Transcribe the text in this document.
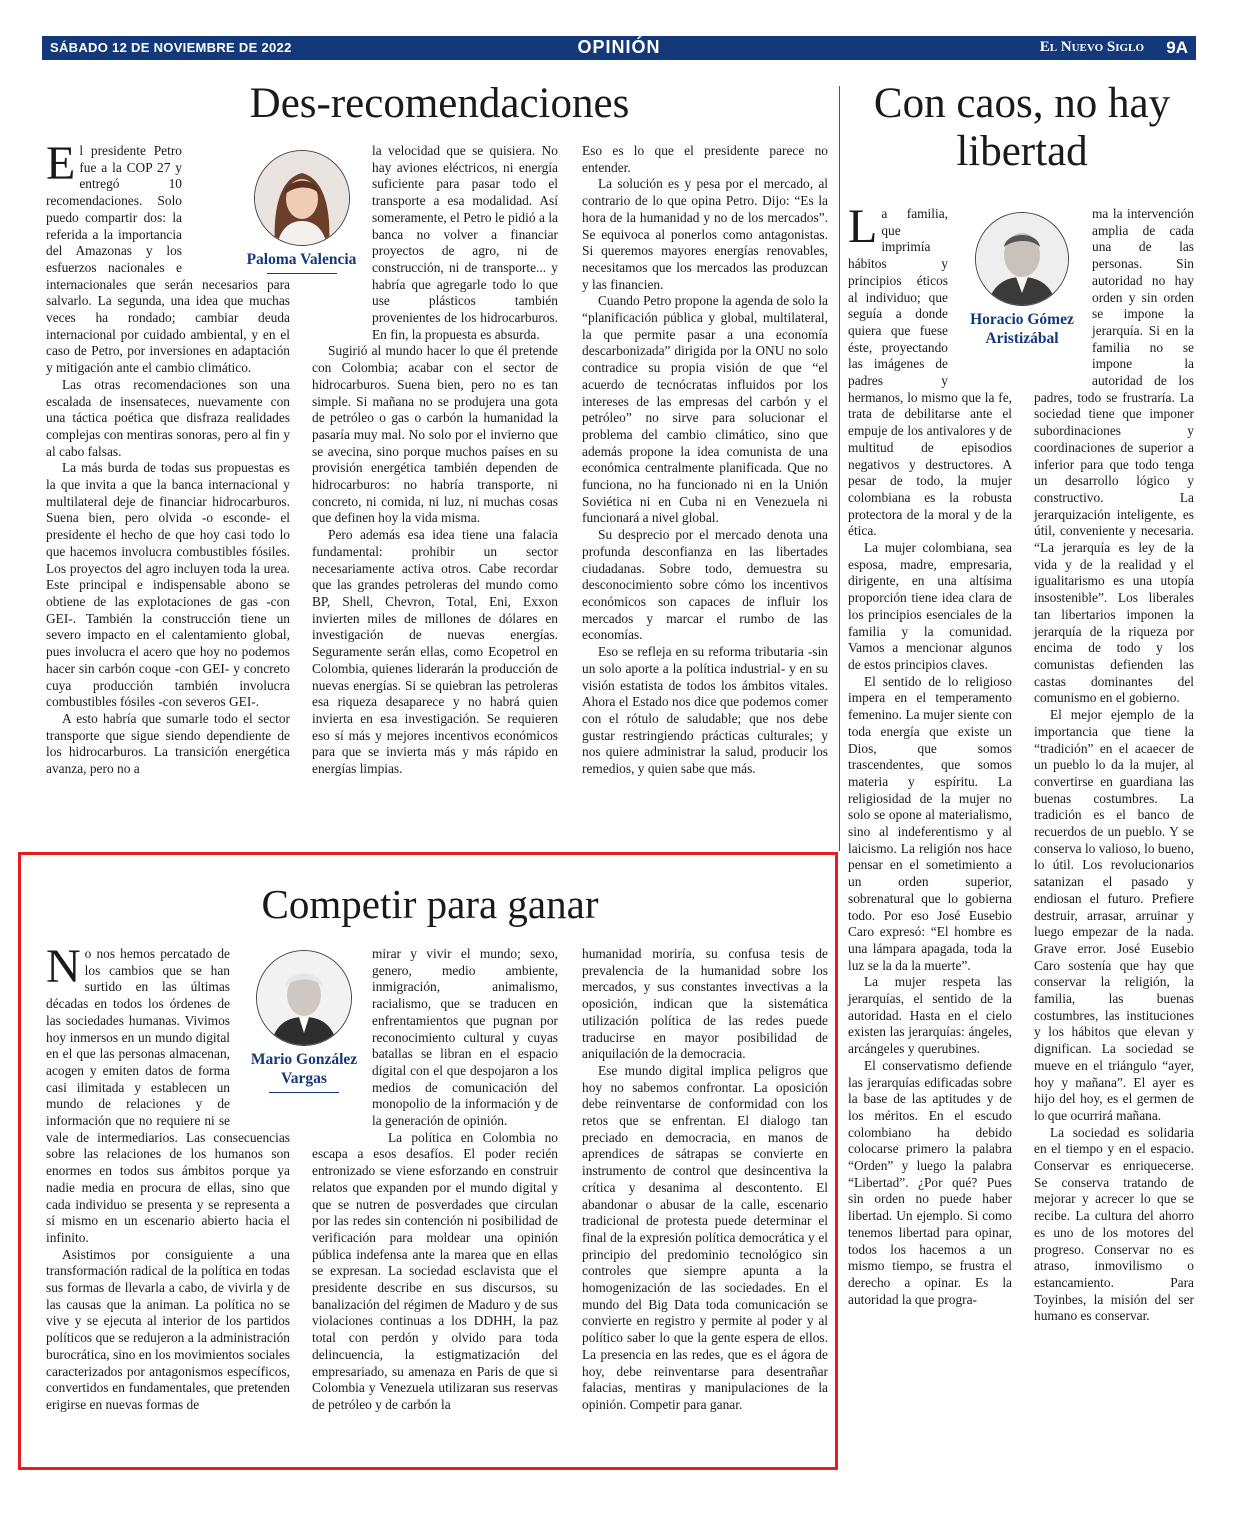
SÁBADO 12 DE NOVIEMBRE DE 2022	OPINIÓN	El Nuevo Siglo 9A
Des-recomendaciones

El presidente Petro fue a la COP 27 y entregó 10 recomendaciones. Solo puedo compartir dos: la referida a la importancia del Amazonas y los esfuerzos nacionales e internacionales que serán necesarios para salvarlo. La segunda, una idea que muchas veces ha rondado; cambiar deuda internacional por cuidado ambiental, y en el caso de Petro, por inversiones en adaptación y mitigación ante el cambio climático.

Las otras recomendaciones son una escalada de insensateces, nuevamente con una táctica poética que disfraza realidades complejas con mentiras sonoras, pero al fin y al cabo falsas.

La más burda de todas sus propuestas es la que invita a que la banca internacional y multilateral deje de financiar hidrocarburos. Suena bien, pero olvida -o esconde- el presidente el hecho de que hoy casi todo lo que hacemos involucra combustibles fósiles. Los proyectos del agro incluyen toda la urea. Este principal e indispensable abono se obtiene de las explotaciones de gas -con GEI-. También la construcción tiene un severo impacto en el calentamiento global, pues involucra el acero que hoy no podemos hacer sin carbón coque -con GEI- y concreto cuya producción también involucra combustibles fósiles -con severos GEI-.

A esto habría que sumarle todo el sector transporte que sigue siendo dependiente de los hidrocarburos. La transición energética avanza, pero no a

Paloma Valencia

la velocidad que se quisiera. No hay aviones eléctricos, ni energía suficiente para pasar todo el transporte a esa modalidad. Así someramente, el Petro le pidió a la banca no volver a financiar proyectos de agro, ni de construcción, ni de transporte... y habría que agregarle todo lo que use plásticos también provenientes de los hidrocarburos. En fin, la propuesta es absurda.

Sugirió al mundo hacer lo que él pretende con Colombia; acabar con el sector de hidrocarburos. Suena bien, pero no es tan simple. Si mañana no se produjera una gota de petróleo o gas o carbón la humanidad la pasaría muy mal. No solo por el invierno que se avecina, sino porque muchos países en su provisión energética también dependen de hidrocarburos: no habría transporte, ni concreto, ni comida, ni luz, ni muchas cosas que definen hoy la vida misma.

Pero además esa idea tiene una falacia fundamental: prohibir un sector necesariamente activa otros. Cabe recordar que las grandes petroleras del mundo como BP, Shell, Chevron, Total, Eni, Exxon invierten miles de millones de dólares en investigación de nuevas energías. Seguramente serán ellas, como Ecopetrol en Colombia, quienes liderarán la producción de nuevas energías. Si se quiebran las petroleras esa riqueza desaparece y no habrá quien invierta en esa investigación. Se requieren eso sí más y mejores incentivos económicos para que se invierta más y más rápido en energías limpias.

Eso es lo que el presidente parece no entender.

La solución es y pesa por el mercado, al contrario de lo que opina Petro. Dijo: “Es la hora de la humanidad y no de los mercados”. Se equivoca al ponerlos como antagonistas. Si queremos mayores energías renovables, necesitamos que los mercados las produzcan y las financien.

Cuando Petro propone la agenda de solo la “planificación pública y global, multilateral, la que permite pasar a una economía descarbonizada” dirigida por la ONU no solo contradice su propia visión de que “el acuerdo de tecnócratas influidos por los intereses de las empresas del carbón y el petróleo” no sirve para solucionar el problema del cambio climático, sino que además propone la idea comunista de una económica centralmente planificada. Que no funciona, no ha funcionado ni en la Unión Soviética ni en Cuba ni en Venezuela ni funcionará a nivel global.

Su desprecio por el mercado denota una profunda desconfianza en las libertades ciudadanas. Sobre todo, demuestra su desconocimiento sobre cómo los incentivos económicos son capaces de influir los mercados y marcar el rumbo de las economías.

Eso se refleja en su reforma tributaria -sin un solo aporte a la política industrial- y en su visión estatista de todos los ámbitos vitales. Ahora el Estado nos dice que podemos comer con el rótulo de saludable; que nos debe gustar restringiendo prácticas culturales; y nos quiere administrar la salud, producir los remedios, y quien sabe que más.

Con caos, no hay libertad

La familia, que imprimía hábitos y principios éticos al individuo; que seguía a donde quiera que fuese éste, proyectando las imágenes de padres y hermanos, lo mismo que la fe, trata de debilitarse ante el empuje de los antivalores y de multitud de episodios negativos y destructores. A pesar de todo, la mujer colombiana es la robusta protectora de la moral y de la ética.

La mujer colombiana, sea esposa, madre, empresaria, dirigente, en una altísima proporción tiene idea clara de los principios esenciales de la familia y la comunidad. Vamos a mencionar algunos de estos principios claves.

El sentido de lo religioso impera en el temperamento femenino. La mujer siente con toda energía que existe un Dios, que somos trascendentes, que somos materia y espíritu. La religiosidad de la mujer no solo se opone al materialismo, sino al indeferentismo y al laicismo. La religión nos hace pensar en el sometimiento a un orden superior, sobrenatural que lo gobierna todo. Por eso José Eusebio Caro expresó: “El hombre es una lámpara apagada, toda la luz se la da la muerte”.

La mujer respeta las jerarquías, el sentido de la autoridad. Hasta en el cielo existen las jerarquías: ángeles, arcángeles y querubines.

El conservatismo defiende las jerarquías edificadas sobre la base de las aptitudes y de los méritos. En el escudo colombiano ha debido colocarse primero la palabra “Orden” y luego la palabra “Libertad”. ¿Por qué? Pues sin orden no puede haber libertad. Un ejemplo. Si como tenemos libertad para opinar, todos los hacemos a un mismo tiempo, se frustra el derecho a opinar. Es la autoridad la que progra-

Horacio Gómez Aristizábal

ma la intervención amplia de cada una de las personas. Sin autoridad no hay orden y sin orden se impone la jerarquía. Si en la familia no se impone la autoridad de los padres, todo se frustraría. La sociedad tiene que imponer subordinaciones y coordinaciones de superior a inferior para que todo tenga un desarrollo lógico y constructivo. La jerarquización inteligente, es útil, conveniente y necesaria. “La jerarquía es ley de la vida y de la realidad y el igualitarismo es una utopía insostenible”. Los liberales tan libertarios imponen la jerarquía de la riqueza por encima de todo y los comunistas defienden las castas dominantes del comunismo en el gobierno.

El mejor ejemplo de la importancia que tiene la “tradición” en el acaecer de un pueblo lo da la mujer, al convertirse en guardiana las buenas costumbres. La tradición es el banco de recuerdos de un pueblo. Y se conserva lo valioso, lo bueno, lo útil. Los revolucionarios satanizan el pasado y endiosan el futuro. Prefiere destruir, arrasar, arruinar y luego empezar de la nada. Grave error. José Eusebio Caro sostenía que hay que conservar la religión, la familia, las buenas costumbres, las instituciones y los hábitos que elevan y dignifican. La sociedad se mueve en el triángulo “ayer, hoy y mañana”. El ayer es hijo del hoy, es el germen de lo que ocurrirá mañana.

La sociedad es solidaria en el tiempo y en el espacio. Conservar es enriquecerse. Se conserva tratando de mejorar y acrecer lo que se recibe. La cultura del ahorro es uno de los motores del progreso. Conservar no es atraso, inmovilismo o estancamiento. Para Toyinbes, la misión del ser humano es conservar.

Competir para ganar

No nos hemos percatado de los cambios que se han surtido en las últimas décadas en todos los órdenes de las sociedades humanas. Vivimos hoy inmersos en un mundo digital en el que las personas almacenan, acogen y emiten datos de forma casi ilimitada y establecen un mundo de relaciones y de información que no requiere ni se vale de intermediarios. Las consecuencias sobre las relaciones de los humanos son enormes en todos sus ámbitos porque ya nadie media en procura de ellas, sino que cada individuo se presenta y se representa a sí mismo en un escenario abierto hacia el infinito.

Asistimos por consiguiente a una transformación radical de la política en todas sus formas de llevarla a cabo, de vivirla y de las causas que la animan. La política no se vive y se ejecuta al interior de los partidos políticos que se redujeron a la administración burocrática, sino en los movimientos sociales caracterizados por antagonismos específicos, convertidos en fundamentales, que pretenden erigirse en nuevas formas de

Mario González Vargas

mirar y vivir el mundo; sexo, genero, medio ambiente, inmigración, animalismo, racialismo, que se traducen en enfrentamientos que pugnan por reconocimiento cultural y cuyas batallas se libran en el espacio digital con el que despojaron a los medios de comunicación del monopolio de la información y de la generación de opinión.

La política en Colombia no escapa a esos desafíos. El poder recién entronizado se viene esforzando en construir relatos que expanden por el mundo digital y que se nutren de posverdades que circulan por las redes sin contención ni posibilidad de verificación para moldear una opinión pública indefensa ante la marea que en ellas se expresan. La sociedad esclavista que el presidente describe en sus discursos, su banalización del régimen de Maduro y de sus violaciones continuas a los DDHH, la paz total con perdón y olvido para toda delincuencia, la estigmatización del empresariado, su amenaza en Paris de que si Colombia y Venezuela utilizaran sus reservas de petróleo y de carbón la

humanidad moriría, su confusa tesis de prevalencia de la humanidad sobre los mercados, y sus constantes invectivas a la oposición, indican que la sistemática utilización política de las redes puede traducirse en mayor posibilidad de aniquilación de la democracia.

Ese mundo digital implica peligros que hoy no sabemos confrontar. La oposición debe reinventarse de conformidad con los retos que se enfrentan. El dialogo tan preciado en democracia, en manos de aprendices de sátrapas se convierte en instrumento de control que desincentiva la crítica y desanima al descontento. El abandonar o abusar de la calle, escenario tradicional de protesta puede determinar el final de la expresión política democrática y el principio del predominio tecnológico sin controles que siempre apunta a la homogenización de las sociedades. En el mundo del Big Data toda comunicación se convierte en registro y permite al poder y al político saber lo que la gente espera de ellos. La presencia en las redes, que es el ágora de hoy, debe reinventarse para desentrañar falacias, mentiras y manipulaciones de la opinión. Competir para ganar.
